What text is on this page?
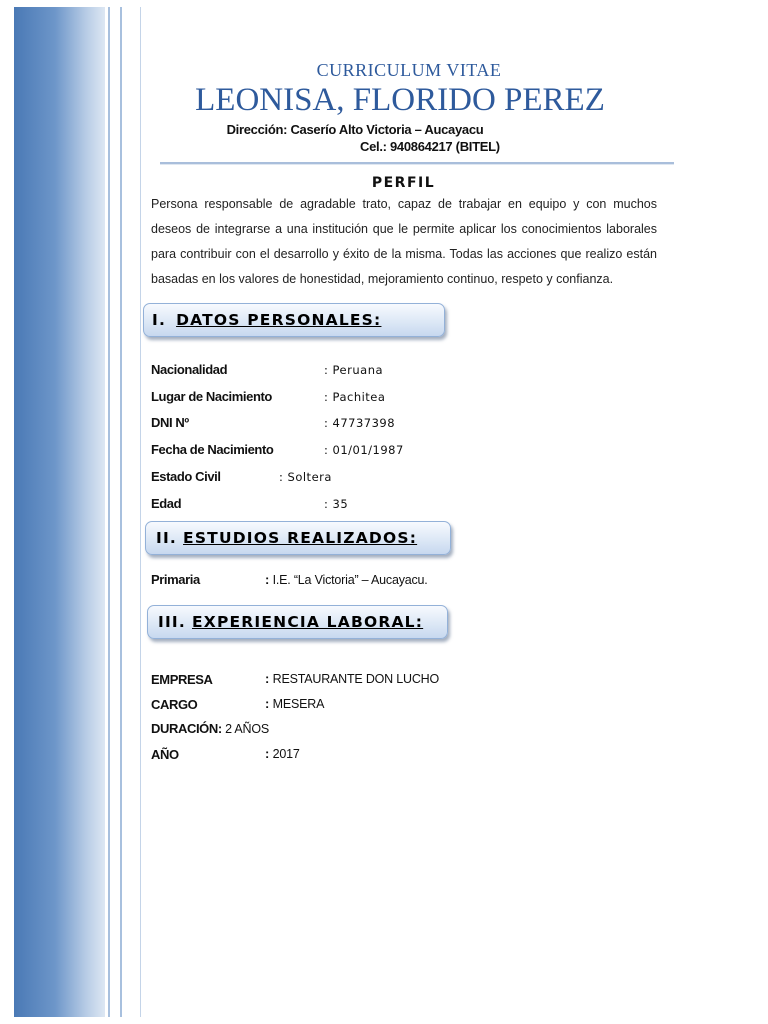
CURRICULUM VITAE
LEONISA, FLORIDO PEREZ
Dirección: Caserío Alto Victoria – Aucayacu
Cel.: 940864217 (BITEL)
PERFIL
Persona responsable de agradable trato, capaz de trabajar en equipo y con muchos deseos de integrarse a una institución que le permite aplicar los conocimientos laborales para contribuir con el desarrollo y éxito de la misma. Todas las acciones que realizo están basadas en los valores de honestidad, mejoramiento continuo, respeto y confianza.
I. DATOS PERSONALES:
Nacionalidad	: Peruana
Lugar de Nacimiento	: Pachitea
DNI Nº	: 47737398
Fecha de Nacimiento	: 01/01/1987
Estado Civil	: Soltera
Edad	: 35
II. ESTUDIOS REALIZADOS:
Primaria	: I.E. “La Victoria” – Aucayacu.
III. EXPERIENCIA LABORAL:
EMPRESA	: RESTAURANTE DON LUCHO
CARGO	: MESERA
DURACIÓN: 2 AÑOS
AÑO	: 2017
